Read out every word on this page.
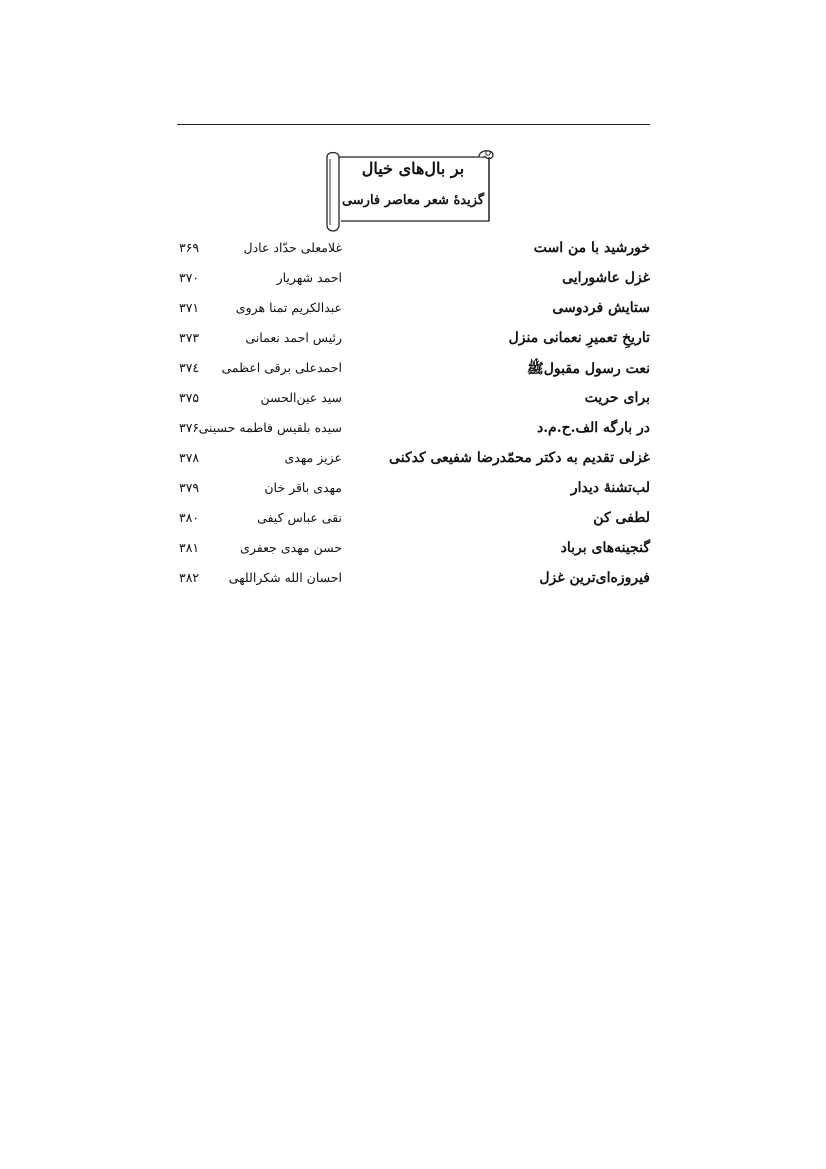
بر بال‌های خیال
گزیدهٔ شعر معاصر فارسی
خورشید با من است
غلامعلی حدّاد عادل
۳۶۹
غزل عاشورایی
احمد شهریار
۳۷۰
ستایش فردوسی
عبدالکریم تمنا هروی
۳۷۱
تاریخِ تعمیرِ نعمانی منزل
رئیس احمد نعمانی
۳۷۳
نعت رسول مقبولﷺ
احمدعلی برقی اعظمی
۳۷٤
برای حریت
سید عین‌الحسن
۳۷۵
در بارگه الف.ح.م.د
سیده بلقیس فاطمه حسینی
۳۷۶
غزلی تقدیم به دکتر محمّدرضا شفیعی کدکنی
عزیز مهدی
۳۷۸
لب‌تشنهٔ دیدار
مهدی باقر خان
۳۷۹
لطفی کن
نقی عباس کیفی
۳۸۰
گنجینه‌های برباد
حسن مهدی جعفری
۳۸۱
فیروزه‌ای‌ترین غزل
احسان الله شکراللهی
۳۸۲
